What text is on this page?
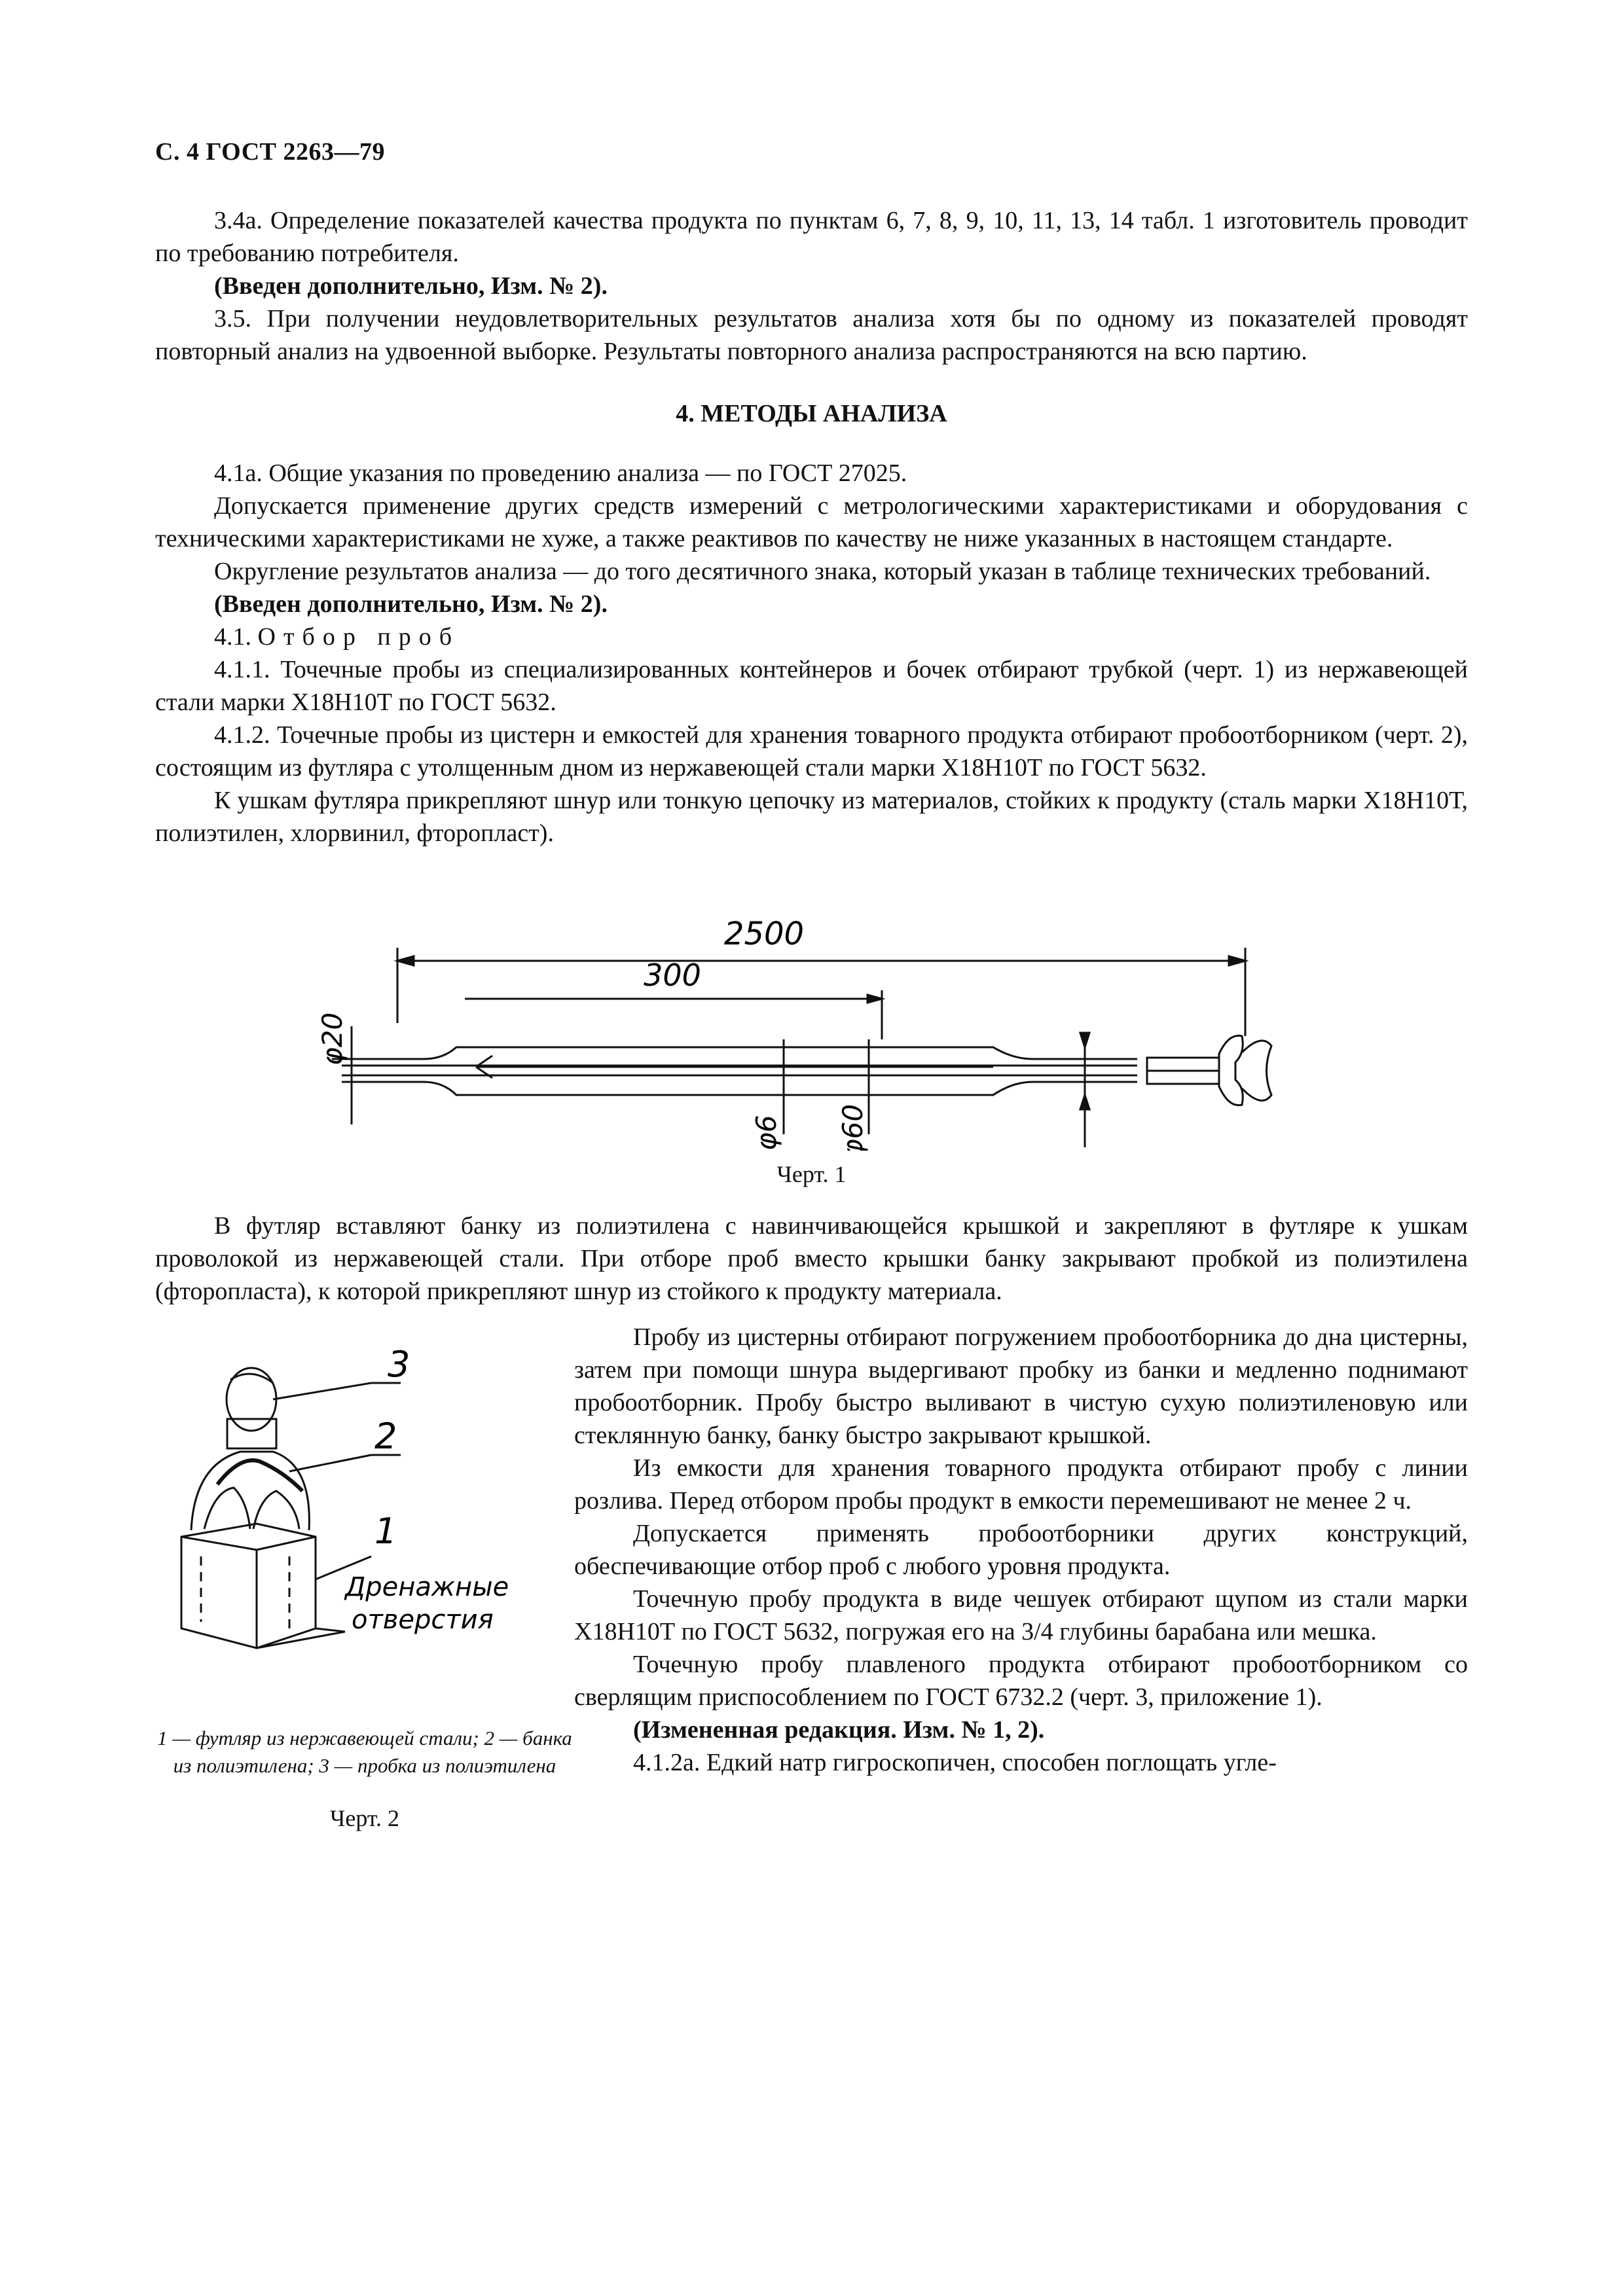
С. 4 ГОСТ 2263—79

3.4а. Определение показателей качества продукта по пунктам 6, 7, 8, 9, 10, 11, 13, 14 табл. 1 изготовитель проводит по требованию потребителя.

(Введен дополнительно, Изм. № 2).

3.5. При получении неудовлетворительных результатов анализа хотя бы по одному из показателей проводят повторный анализ на удвоенной выборке. Результаты повторного анализа распространяются на всю партию.

4. МЕТОДЫ АНАЛИЗА

4.1а. Общие указания по проведению анализа — по ГОСТ 27025.

Допускается применение других средств измерений с метрологическими характеристиками и оборудования с техническими характеристиками не хуже, а также реактивов по качеству не ниже указанных в настоящем стандарте.

Округление результатов анализа — до того десятичного знака, который указан в таблице технических требований.

(Введен дополнительно, Изм. № 2).

4.1. Отбор проб

4.1.1. Точечные пробы из специализированных контейнеров и бочек отбирают трубкой (черт. 1) из нержавеющей стали марки Х18Н10Т по ГОСТ 5632.

4.1.2. Точечные пробы из цистерн и емкостей для хранения товарного продукта отбирают пробоотборником (черт. 2), состоящим из футляра с утолщенным дном из нержавеющей стали марки Х18Н10Т по ГОСТ 5632.

К ушкам футляра прикрепляют шнур или тонкую цепочку из материалов, стойких к продукту (сталь марки Х18Н10Т, полиэтилен, хлорвинил, фторопласт).

2500
300
φ20
φ6 φ60
Черт. 1

В футляр вставляют банку из полиэтилена с навинчивающейся крышкой и закрепляют в футляре к ушкам проволокой из нержавеющей стали. При отборе проб вместо крышки банку закрывают пробкой из полиэтилена (фторопласта), к которой прикрепляют шнур из стойкого к продукту материала.

3
2
1
Дренажные
отверстия
1 — футляр из нержавеющей стали; 2 — банка из полиэтилена; 3 — пробка из полиэтилена
Черт. 2

Пробу из цистерны отбирают погружением пробоотборника до дна цистерны, затем при помощи шнура выдергивают пробку из банки и медленно поднимают пробоотборник. Пробу быстро выливают в чистую сухую полиэтиленовую или стеклянную банку, банку быстро закрывают крышкой.

Из емкости для хранения товарного продукта отбирают пробу с линии розлива. Перед отбором пробы продукт в емкости перемешивают не менее 2 ч.

Допускается применять пробоотборники других конструкций, обеспечивающие отбор проб с любого уровня продукта.

Точечную пробу продукта в виде чешуек отбирают щупом из стали марки Х18Н10Т по ГОСТ 5632, погружая его на 3/4 глубины барабана или мешка.

Точечную пробу плавленого продукта отбирают пробоотборником со сверлящим приспособлением по ГОСТ 6732.2 (черт. 3, приложение 1).

(Измененная редакция. Изм. № 1, 2).

4.1.2а. Едкий натр гигроскопичен, способен поглощать угле-
